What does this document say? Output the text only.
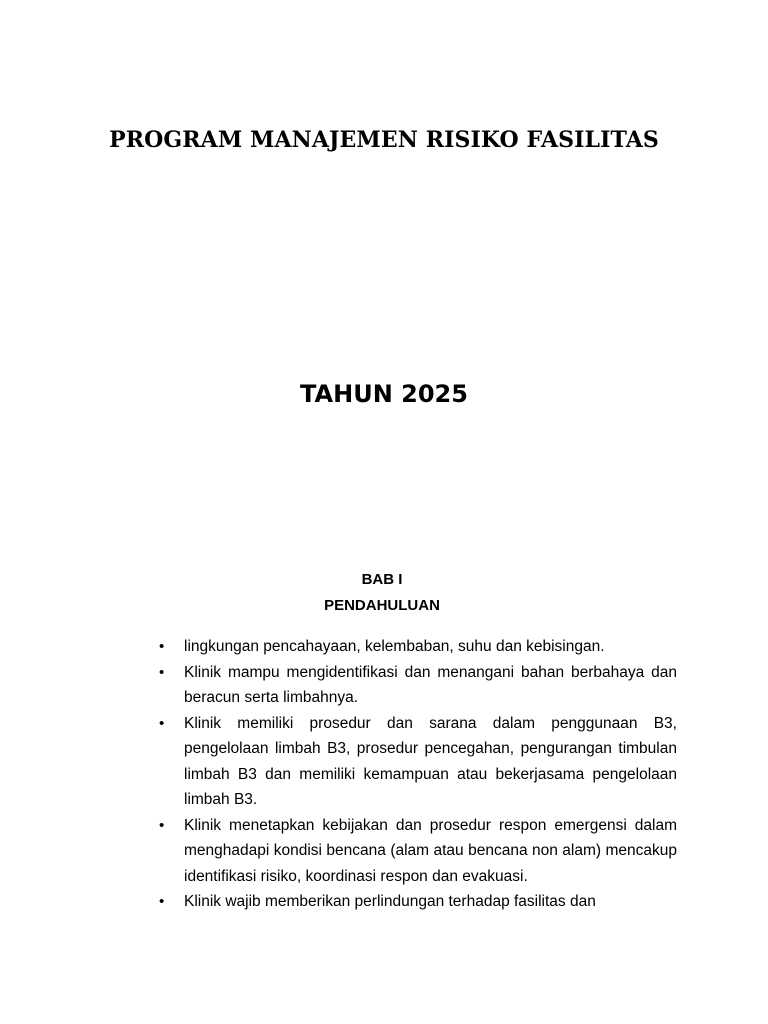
PROGRAM MANAJEMEN RISIKO FASILITAS
TAHUN 2025
BAB I
PENDAHULUAN
• lingkungan pencahayaan, kelembaban, suhu dan kebisingan.
• Klinik mampu mengidentifikasi dan menangani bahan berbahaya dan beracun serta limbahnya.
• Klinik memiliki prosedur dan sarana dalam penggunaan B3, pengelolaan limbah B3, prosedur pencegahan, pengurangan timbulan limbah B3 dan memiliki kemampuan atau bekerjasama pengelolaan limbah B3.
• Klinik menetapkan kebijakan dan prosedur respon emergensi dalam menghadapi kondisi bencana (alam atau bencana non alam) mencakup identifikasi risiko, koordinasi respon dan evakuasi.
• Klinik wajib memberikan perlindungan terhadap fasilitas dan
